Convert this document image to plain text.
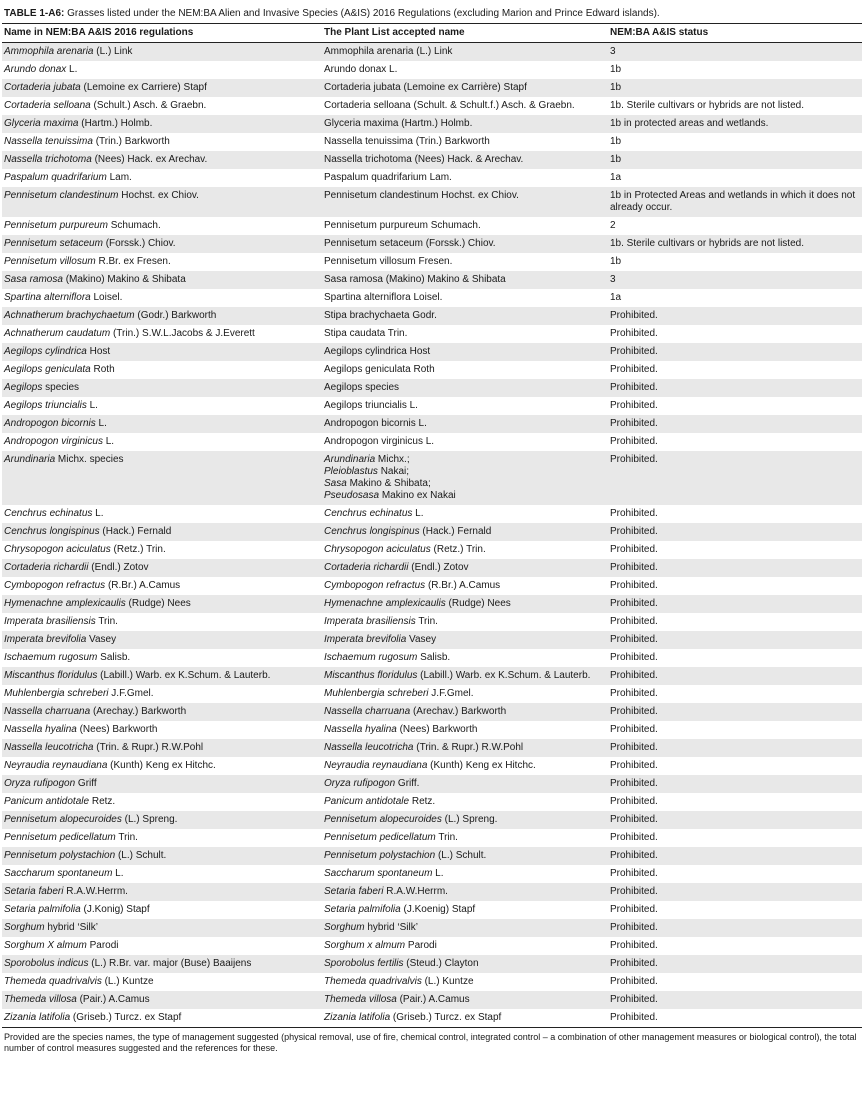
TABLE 1-A6: Grasses listed under the NEM:BA Alien and Invasive Species (A&IS) 2016 Regulations (excluding Marion and Prince Edward islands).
Name in NEM:BA A&IS 2016 regulations	The Plant List accepted name	NEM:BA A&IS status
Ammophila arenaria (L.) Link	Ammophila arenaria (L.) Link	3
Arundo donax L.	Arundo donax L.	1b
Cortaderia jubata (Lemoine ex Carriere) Stapf	Cortaderia jubata (Lemoine ex Carrière) Stapf	1b
Cortaderia selloana (Schult.) Asch. & Graebn.	Cortaderia selloana (Schult. & Schult.f.) Asch. & Graebn.	1b. Sterile cultivars or hybrids are not listed.
Glyceria maxima (Hartm.) Holmb.	Glyceria maxima (Hartm.) Holmb.	1b in protected areas and wetlands.
Nassella tenuissima (Trin.) Barkworth	Nassella tenuissima (Trin.) Barkworth	1b
Nassella trichotoma (Nees) Hack. ex Arechav.	Nassella trichotoma (Nees) Hack. & Arechav.	1b
Paspalum quadrifarium Lam.	Paspalum quadrifarium Lam.	1a
Pennisetum clandestinum Hochst. ex Chiov.	Pennisetum clandestinum Hochst. ex Chiov.	1b in Protected Areas and wetlands in which it does not already occur.
Pennisetum purpureum Schumach.	Pennisetum purpureum Schumach.	2
Pennisetum setaceum (Forssk.) Chiov.	Pennisetum setaceum (Forssk.) Chiov.	1b. Sterile cultivars or hybrids are not listed.
Pennisetum villosum R.Br. ex Fresen.	Pennisetum villosum Fresen.	1b
Sasa ramosa (Makino) Makino & Shibata	Sasa ramosa (Makino) Makino & Shibata	3
Spartina alterniflora Loisel.	Spartina alterniflora Loisel.	1a
Achnatherum brachychaetum (Godr.) Barkworth	Stipa brachychaeta Godr.	Prohibited.
Achnatherum caudatum (Trin.) S.W.L.Jacobs & J.Everett	Stipa caudata Trin.	Prohibited.
Aegilops cylindrica Host	Aegilops cylindrica Host	Prohibited.
Aegilops geniculata Roth	Aegilops geniculata Roth	Prohibited.
Aegilops species	Aegilops species	Prohibited.
Aegilops triuncialis L.	Aegilops triuncialis L.	Prohibited.
Andropogon bicornis L.	Andropogon bicornis L.	Prohibited.
Andropogon virginicus L.	Andropogon virginicus L.	Prohibited.
Arundinaria Michx. species	Arundinaria Michx.;
Pleioblastus Nakai;
Sasa Makino & Shibata;
Pseudosasa Makino ex Nakai	Prohibited.
Cenchrus echinatus L.	Cenchrus echinatus L.	Prohibited.
Cenchrus longispinus (Hack.) Fernald	Cenchrus longispinus (Hack.) Fernald	Prohibited.
Chrysopogon aciculatus (Retz.) Trin.	Chrysopogon aciculatus (Retz.) Trin.	Prohibited.
Cortaderia richardii (Endl.) Zotov	Cortaderia richardii (Endl.) Zotov	Prohibited.
Cymbopogon refractus (R.Br.) A.Camus	Cymbopogon refractus (R.Br.) A.Camus	Prohibited.
Hymenachne amplexicaulis (Rudge) Nees	Hymenachne amplexicaulis (Rudge) Nees	Prohibited.
Imperata brasiliensis Trin.	Imperata brasiliensis Trin.	Prohibited.
Imperata brevifolia Vasey	Imperata brevifolia Vasey	Prohibited.
Ischaemum rugosum Salisb.	Ischaemum rugosum Salisb.	Prohibited.
Miscanthus floridulus (Labill.) Warb. ex K.Schum. & Lauterb.	Miscanthus floridulus (Labill.) Warb. ex K.Schum. & Lauterb.	Prohibited.
Muhlenbergia schreberi J.F.Gmel.	Muhlenbergia schreberi J.F.Gmel.	Prohibited.
Nassella charruana (Arechay.) Barkworth	Nassella charruana (Arechav.) Barkworth	Prohibited.
Nassella hyalina (Nees) Barkworth	Nassella hyalina (Nees) Barkworth	Prohibited.
Nassella leucotricha (Trin. & Rupr.) R.W.Pohl	Nassella leucotricha (Trin. & Rupr.) R.W.Pohl	Prohibited.
Neyraudia reynaudiana (Kunth) Keng ex Hitchc.	Neyraudia reynaudiana (Kunth) Keng ex Hitchc.	Prohibited.
Oryza rufipogon Griff	Oryza rufipogon Griff.	Prohibited.
Panicum antidotale Retz.	Panicum antidotale Retz.	Prohibited.
Pennisetum alopecuroides (L.) Spreng.	Pennisetum alopecuroides (L.) Spreng.	Prohibited.
Pennisetum pedicellatum Trin.	Pennisetum pedicellatum Trin.	Prohibited.
Pennisetum polystachion (L.) Schult.	Pennisetum polystachion (L.) Schult.	Prohibited.
Saccharum spontaneum L.	Saccharum spontaneum L.	Prohibited.
Setaria faberi R.A.W.Herrm.	Setaria faberi R.A.W.Herrm.	Prohibited.
Setaria palmifolia (J.Konig) Stapf	Setaria palmifolia (J.Koenig) Stapf	Prohibited.
Sorghum hybrid ‘Silk’	Sorghum hybrid ‘Silk’	Prohibited.
Sorghum X almum Parodi	Sorghum x almum Parodi	Prohibited.
Sporobolus indicus (L.) R.Br. var. major (Buse) Baaijens	Sporobolus fertilis (Steud.) Clayton	Prohibited.
Themeda quadrivalvis (L.) Kuntze	Themeda quadrivalvis (L.) Kuntze	Prohibited.
Themeda villosa (Pair.) A.Camus	Themeda villosa (Pair.) A.Camus	Prohibited.
Zizania latifolia (Griseb.) Turcz. ex Stapf	Zizania latifolia (Griseb.) Turcz. ex Stapf	Prohibited.
Provided are the species names, the type of management suggested (physical removal, use of fire, chemical control, integrated control – a combination of other management measures or biological control), the total number of control measures suggested and the references for these.
